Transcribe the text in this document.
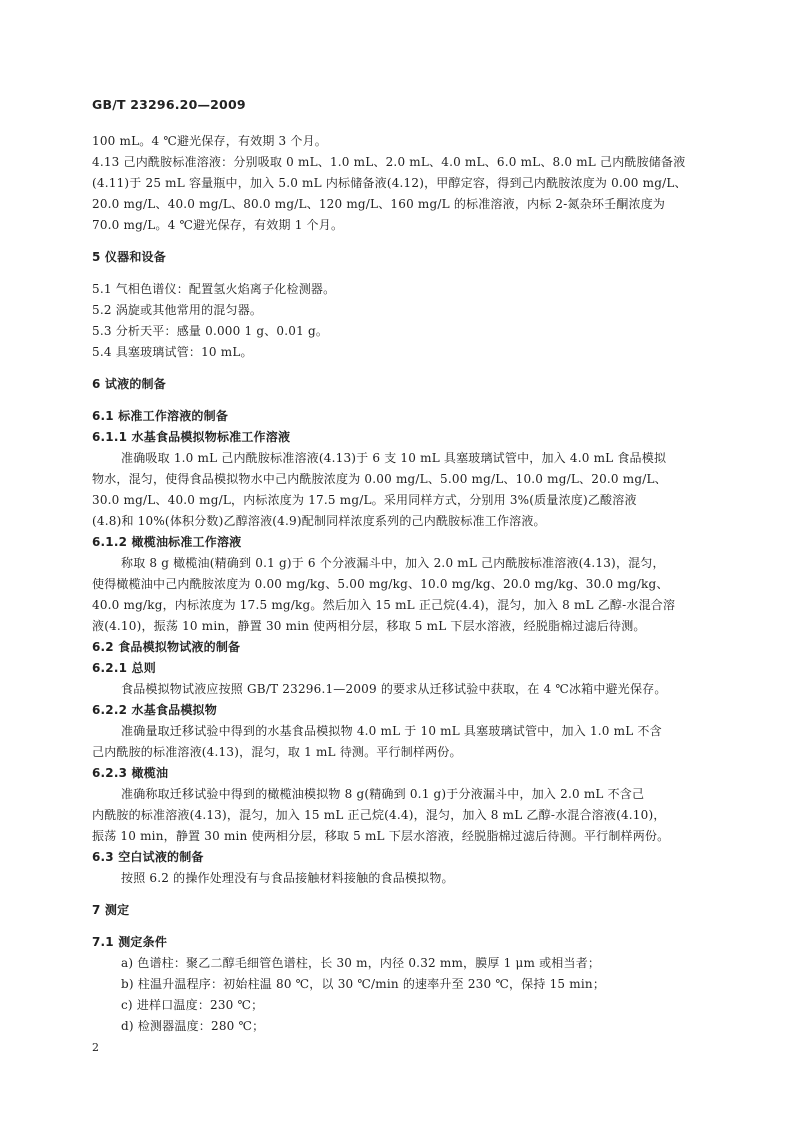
GB/T 23296.20—2009
100 mL。4 ℃避光保存，有效期 3 个月。
4.13 己内酰胺标准溶液：分别吸取 0 mL、1.0 mL、2.0 mL、4.0 mL、6.0 mL、8.0 mL 己内酰胺储备液
(4.11)于 25 mL 容量瓶中，加入 5.0 mL 内标储备液(4.12)，甲醇定容，得到己内酰胺浓度为 0.00 mg/L、
20.0 mg/L、40.0 mg/L、80.0 mg/L、120 mg/L、160 mg/L 的标准溶液，内标 2-氮杂环壬酮浓度为
70.0 mg/L。4 ℃避光保存，有效期 1 个月。
5 仪器和设备
5.1 气相色谱仪：配置氢火焰离子化检测器。
5.2 涡旋或其他常用的混匀器。
5.3 分析天平：感量 0.000 1 g、0.01 g。
5.4 具塞玻璃试管：10 mL。
6 试液的制备
6.1 标准工作溶液的制备
6.1.1 水基食品模拟物标准工作溶液
准确吸取 1.0 mL 己内酰胺标准溶液(4.13)于 6 支 10 mL 具塞玻璃试管中，加入 4.0 mL 食品模拟
物水，混匀，使得食品模拟物水中己内酰胺浓度为 0.00 mg/L、5.00 mg/L、10.0 mg/L、20.0 mg/L、
30.0 mg/L、40.0 mg/L，内标浓度为 17.5 mg/L。采用同样方式，分别用 3%(质量浓度)乙酸溶液
(4.8)和 10%(体积分数)乙醇溶液(4.9)配制同样浓度系列的己内酰胺标准工作溶液。
6.1.2 橄榄油标准工作溶液
称取 8 g 橄榄油(精确到 0.1 g)于 6 个分液漏斗中，加入 2.0 mL 己内酰胺标准溶液(4.13)，混匀，
使得橄榄油中己内酰胺浓度为 0.00 mg/kg、5.00 mg/kg、10.0 mg/kg、20.0 mg/kg、30.0 mg/kg、
40.0 mg/kg，内标浓度为 17.5 mg/kg。然后加入 15 mL 正己烷(4.4)，混匀，加入 8 mL 乙醇-水混合溶
液(4.10)，振荡 10 min，静置 30 min 使两相分层，移取 5 mL 下层水溶液，经脱脂棉过滤后待测。
6.2 食品模拟物试液的制备
6.2.1 总则
食品模拟物试液应按照 GB/T 23296.1—2009 的要求从迁移试验中获取，在 4 ℃冰箱中避光保存。
6.2.2 水基食品模拟物
准确量取迁移试验中得到的水基食品模拟物 4.0 mL 于 10 mL 具塞玻璃试管中，加入 1.0 mL 不含
己内酰胺的标准溶液(4.13)，混匀，取 1 mL 待测。平行制样两份。
6.2.3 橄榄油
准确称取迁移试验中得到的橄榄油模拟物 8 g(精确到 0.1 g)于分液漏斗中，加入 2.0 mL 不含己
内酰胺的标准溶液(4.13)，混匀，加入 15 mL 正己烷(4.4)，混匀，加入 8 mL 乙醇-水混合溶液(4.10)，
振荡 10 min，静置 30 min 使两相分层，移取 5 mL 下层水溶液，经脱脂棉过滤后待测。平行制样两份。
6.3 空白试液的制备
按照 6.2 的操作处理没有与食品接触材料接触的食品模拟物。
7 测定
7.1 测定条件
a) 色谱柱：聚乙二醇毛细管色谱柱，长 30 m，内径 0.32 mm，膜厚 1 μm 或相当者；
b) 柱温升温程序：初始柱温 80 ℃，以 30 ℃/min 的速率升至 230 ℃，保持 15 min；
c) 进样口温度：230 ℃；
d) 检测器温度：280 ℃；
2
